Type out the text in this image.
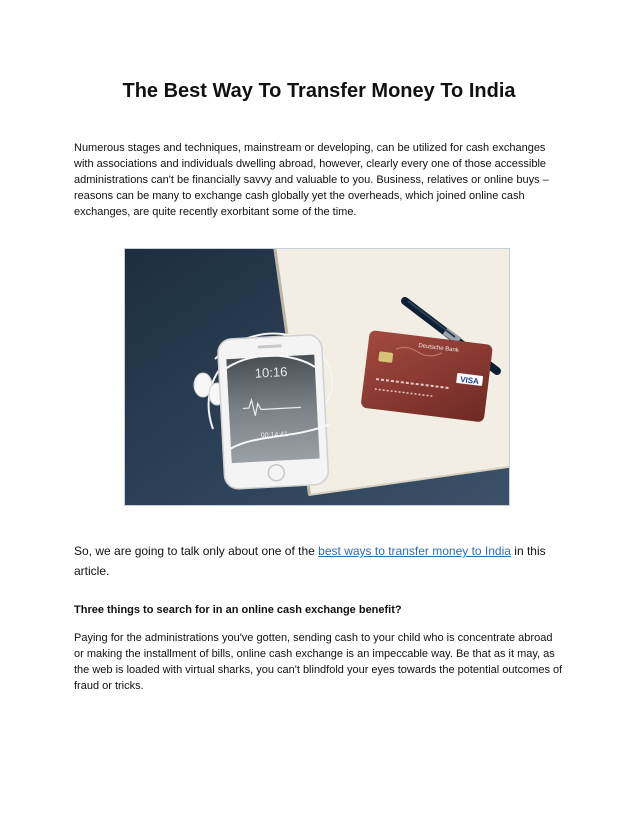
The Best Way To Transfer Money To India

Numerous stages and techniques, mainstream or developing, can be utilized for cash exchanges with associations and individuals dwelling abroad, however, clearly every one of those accessible administrations can't be financially savvy and valuable to you. Business, relatives or online buys – reasons can be many to exchange cash globally yet the overheads, which joined online cash exchanges, are quite recently exorbitant some of the time.

VISA
Deutsche Bank
10:16
00:14:41

So, we are going to talk only about one of the best ways to transfer money to India in this article.

Three things to search for in an online cash exchange benefit?

Paying for the administrations you've gotten, sending cash to your child who is concentrate abroad or making the installment of bills, online cash exchange is an impeccable way. Be that as it may, as the web is loaded with virtual sharks, you can't blindfold your eyes towards the potential outcomes of fraud or tricks.
